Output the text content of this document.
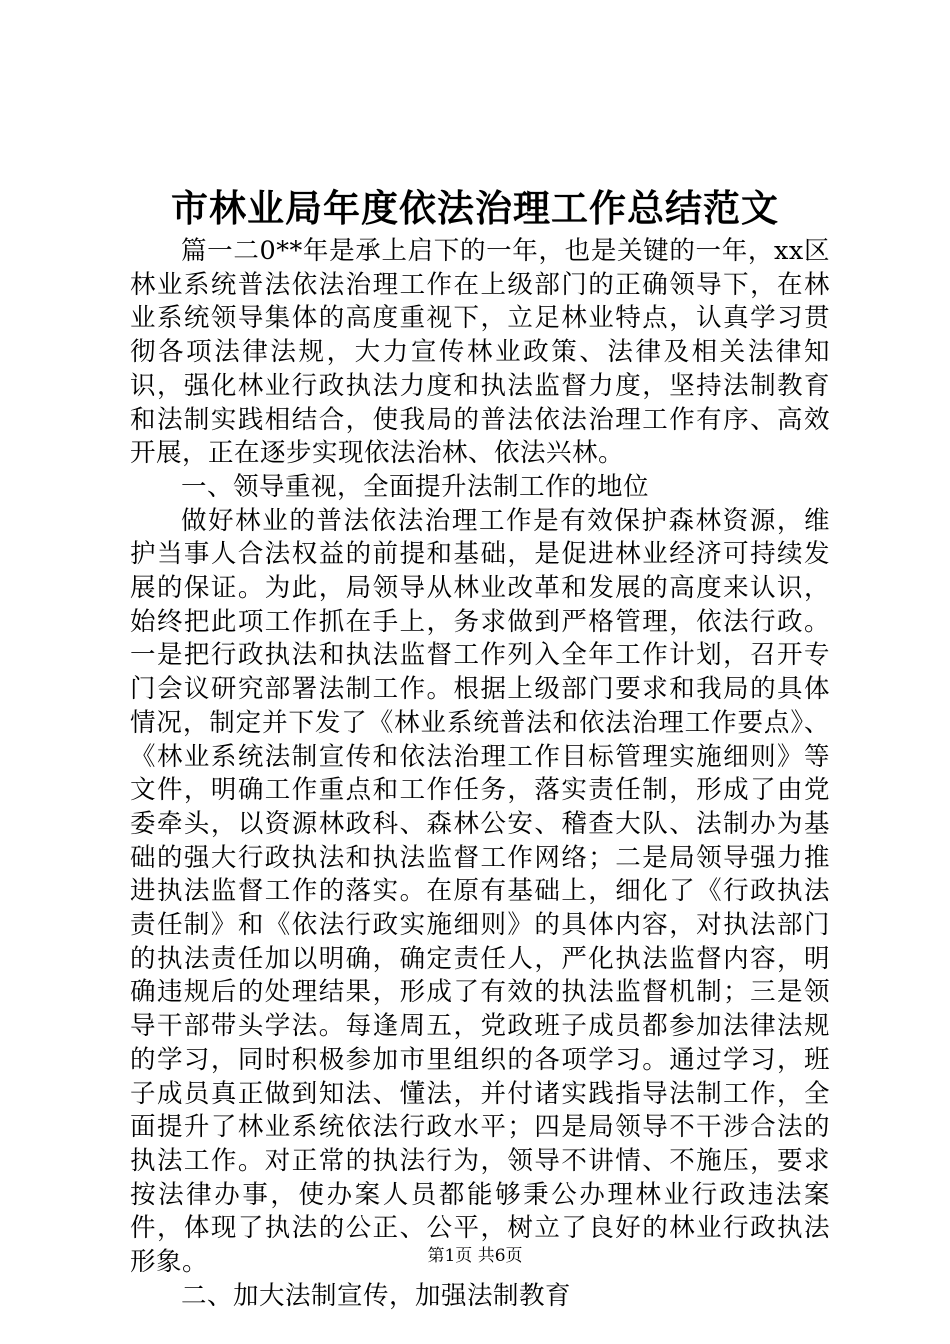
市林业局年度依法治理工作总结范文

篇一二0**年是承上启下的一年，也是关键的一年，xx区林业系统普法依法治理工作在上级部门的正确领导下，在林业系统领导集体的高度重视下，立足林业特点，认真学习贯彻各项法律法规，大力宣传林业政策、法律及相关法律知识，强化林业行政执法力度和执法监督力度，坚持法制教育和法制实践相结合，使我局的普法依法治理工作有序、高效开展，正在逐步实现依法治林、依法兴林。

一、领导重视，全面提升法制工作的地位

做好林业的普法依法治理工作是有效保护森林资源，维护当事人合法权益的前提和基础，是促进林业经济可持续发展的保证。为此，局领导从林业改革和发展的高度来认识，始终把此项工作抓在手上，务求做到严格管理，依法行政。一是把行政执法和执法监督工作列入全年工作计划，召开专门会议研究部署法制工作。根据上级部门要求和我局的具体情况，制定并下发了《林业系统普法和依法治理工作要点》、《林业系统法制宣传和依法治理工作目标管理实施细则》等文件，明确工作重点和工作任务，落实责任制，形成了由党委牵头，以资源林政科、森林公安、稽查大队、法制办为基础的强大行政执法和执法监督工作网络；二是局领导强力推进执法监督工作的落实。在原有基础上，细化了《行政执法责任制》和《依法行政实施细则》的具体内容，对执法部门的执法责任加以明确，确定责任人，严化执法监督内容，明确违规后的处理结果，形成了有效的执法监督机制；三是领导干部带头学法。每逢周五，党政班子成员都参加法律法规的学习，同时积极参加市里组织的各项学习。通过学习，班子成员真正做到知法、懂法，并付诸实践指导法制工作，全面提升了林业系统依法行政水平；四是局领导不干涉合法的执法工作。对正常的执法行为，领导不讲情、不施压，要求按法律办事，使办案人员都能够秉公办理林业行政违法案件，体现了执法的公正、公平，树立了良好的林业行政执法形象。

二、加大法制宣传，加强法制教育

第1页 共6页
